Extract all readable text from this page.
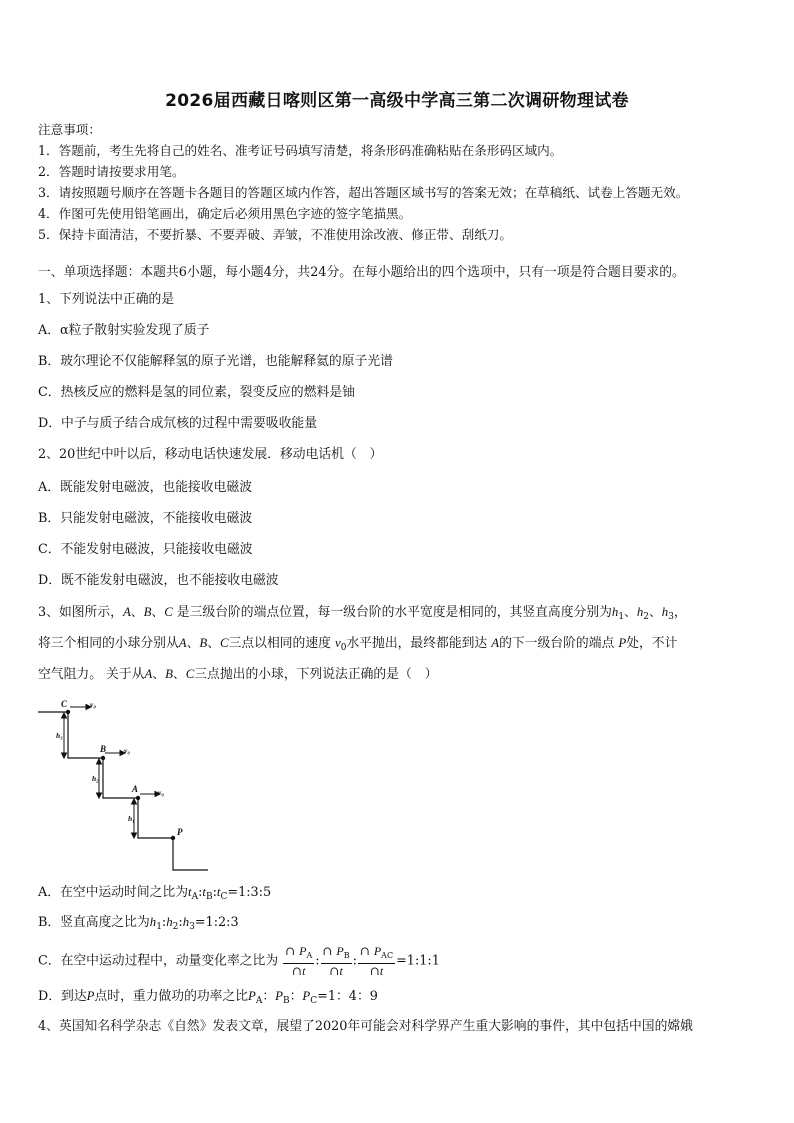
2026届西藏日喀则区第一高级中学高三第二次调研物理试卷
注意事项：
1．答题前，考生先将自己的姓名、准考证号码填写清楚，将条形码准确粘贴在条形码区域内。
2．答题时请按要求用笔。
3．请按照题号顺序在答题卡各题目的答题区域内作答，超出答题区域书写的答案无效；在草稿纸、试卷上答题无效。
4．作图可先使用铅笔画出，确定后必须用黑色字迹的签字笔描黑。
5．保持卡面清洁，不要折暴、不要弄破、弄皱，不准使用涂改液、修正带、刮纸刀。
一、单项选择题：本题共6小题，每小题4分，共24分。在每小题给出的四个选项中，只有一项是符合题目要求的。
1、下列说法中正确的是
A．α粒子散射实验发现了质子
B．玻尔理论不仅能解释氢的原子光谱，也能解释氦的原子光谱
C．热核反应的燃料是氢的同位素，裂变反应的燃料是铀
D．中子与质子结合成氘核的过程中需要吸收能量
2、20世纪中叶以后，移动电话快速发展．移动电话机（　）
A．既能发射电磁波，也能接收电磁波
B．只能发射电磁波，不能接收电磁波
C．不能发射电磁波，只能接收电磁波
D．既不能发射电磁波，也不能接收电磁波
3、如图所示，A、B、C 是三级台阶的端点位置，每一级台阶的水平宽度是相同的，其竖直高度分别为$h_1$、$h_2$、$h_3$，
将三个相同的小球分别从A、B、C三点以相同的速度 $v_0$水平抛出，最终都能到达 A的下一级台阶的端点 P处，不计
空气阻力。 关于从A、B、C三点抛出的小球，下列说法正确的是（　）
C	v₀
h₃
B v₀
h₂
A	v₀
h₁
P
A．在空中运动时间之比为$t_A:t_B:t_C=1:3:5$
B．竖直高度之比为$h_1:h_2:h_3=1:2:3$
C．在空中运动过程中，动量变化率之比为 $\frac{\cap P_A}{\cap t}$ : $\frac{\cap P_B}{\cap t}$ : $\frac{\cap P_{AC}}{\cap t}$ =1:1:1
D．到达P点时，重力做功的功率之比$P_A$：$P_B$：$P_C=1$：4：9
4、英国知名科学杂志《自然》发表文章，展望了2020年可能会对科学界产生重大影响的事件，其中包括中国的嫦娥
